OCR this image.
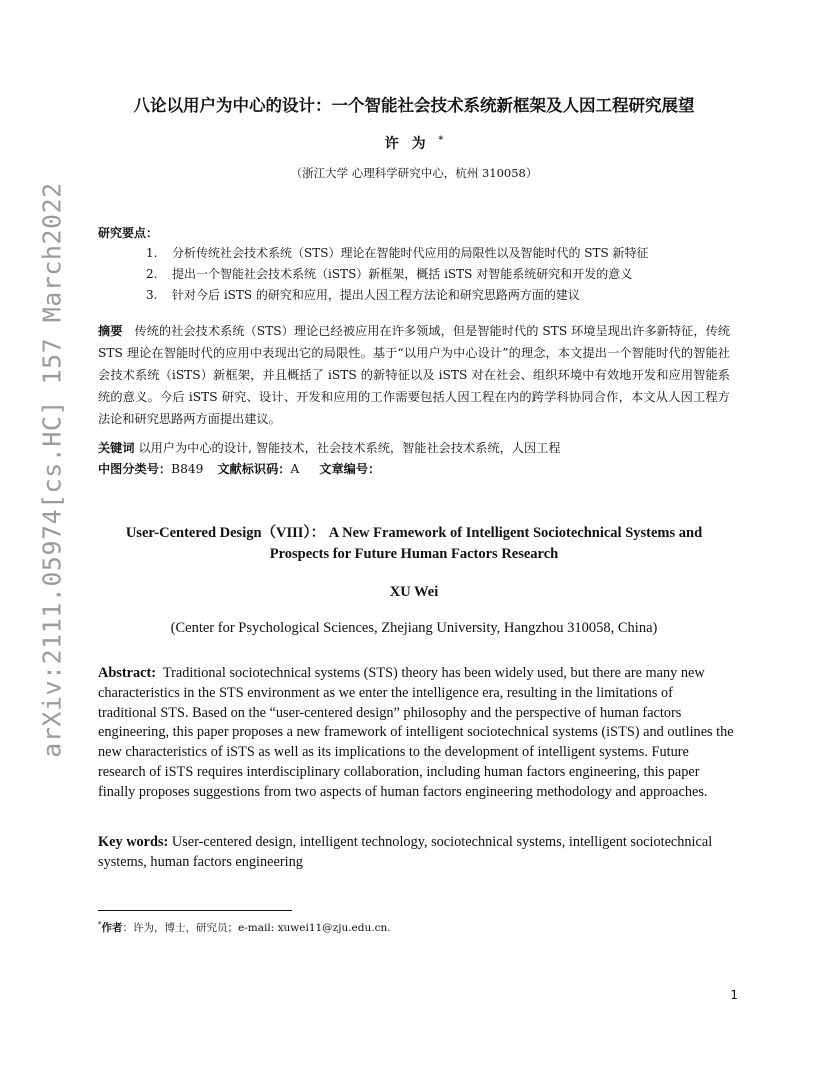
arXiv:2111.05974[cs.HC] 157 March2022
八论以用户为中心的设计：一个智能社会技术系统新框架及人因工程研究展望
许 为 *
（浙江大学 心理科学研究中心，杭州 310058）
研究要点：
1. 分析传统社会技术系统（STS）理论在智能时代应用的局限性以及智能时代的 STS 新特征
2. 提出一个智能社会技术系统（iSTS）新框架，概括 iSTS 对智能系统研究和开发的意义
3. 针对今后 iSTS 的研究和应用，提出人因工程方法论和研究思路两方面的建议
摘要 传统的社会技术系统（STS）理论已经被应用在许多领域，但是智能时代的 STS 环境呈现出许多新特征，传统 STS 理论在智能时代的应用中表现出它的局限性。基于“以用户为中心设计”的理念，本文提出一个智能时代的智能社会技术系统（iSTS）新框架，并且概括了 iSTS 的新特征以及 iSTS 对在社会、组织环境中有效地开发和应用智能系统的意义。今后 iSTS 研究、设计、开发和应用的工作需要包括人因工程在内的跨学科协同合作，本文从人因工程方法论和研究思路两方面提出建议。
关键词 以用户为中心的设计, 智能技术，社会技术系统，智能社会技术系统，人因工程
中图分类号：B849 文献标识码：A 文章编号：
User-Centered Design（VIII）： A New Framework of Intelligent Sociotechnical Systems and Prospects for Future Human Factors Research
XU Wei
(Center for Psychological Sciences, Zhejiang University, Hangzhou 310058, China)
Abstract: Traditional sociotechnical systems (STS) theory has been widely used, but there are many new characteristics in the STS environment as we enter the intelligence era, resulting in the limitations of traditional STS. Based on the “user-centered design” philosophy and the perspective of human factors engineering, this paper proposes a new framework of intelligent sociotechnical systems (iSTS) and outlines the new characteristics of iSTS as well as its implications to the development of intelligent systems. Future research of iSTS requires interdisciplinary collaboration, including human factors engineering, this paper finally proposes suggestions from two aspects of human factors engineering methodology and approaches.
Key words: User-centered design, intelligent technology, sociotechnical systems, intelligent sociotechnical systems, human factors engineering
*作者：许为，博士，研究员；e-mail: xuwei11@zju.edu.cn.
1
